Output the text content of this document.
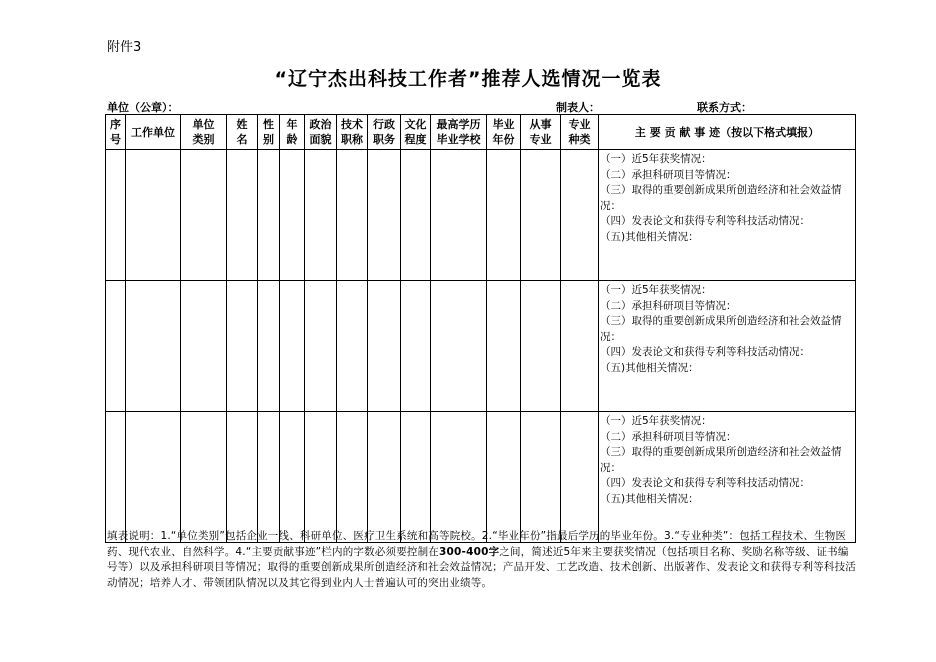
附件3
“辽宁杰出科技工作者”推荐人选情况一览表
单位（公章）：	制表人：	联系方式：
序号	工作单位	单位类别	姓名	性别	年龄	政治面貌	技术职称	行政职务	文化程度	最高学历毕业学校	毕业年份	从事专业	专业种类	主 要 贡 献 事 迹（按以下格式填报）

														（一）近5年获奖情况：
（二）承担科研项目等情况：
（三）取得的重要创新成果所创造经济和社会效益情况：
（四）发表论文和获得专利等科技活动情况：
（五)其他相关情况：

														（一）近5年获奖情况：
（二）承担科研项目等情况：
（三）取得的重要创新成果所创造经济和社会效益情况：
（四）发表论文和获得专利等科技活动情况：
（五)其他相关情况：

														（一）近5年获奖情况：
（二）承担科研项目等情况：
（三）取得的重要创新成果所创造经济和社会效益情况：
（四）发表论文和获得专利等科技活动情况：
（五)其他相关情况：
填表说明：1.“单位类别”包括企业一线、科研单位、医疗卫生系统和高等院校。2.“毕业年份”指最后学历的毕业年份。3.“专业种类”：包括工程技术、生物医药、现代农业、自然科学。4.“主要贡献事迹”栏内的字数必须要控制在300-400字之间，简述近5年来主要获奖情况（包括项目名称、奖励名称等级、证书编号等）以及承担科研项目等情况；取得的重要创新成果所创造经济和社会效益情况；产品开发、工艺改造、技术创新、出版著作、发表论文和获得专利等科技活动情况；培养人才、带领团队情况以及其它得到业内人士普遍认可的突出业绩等。
